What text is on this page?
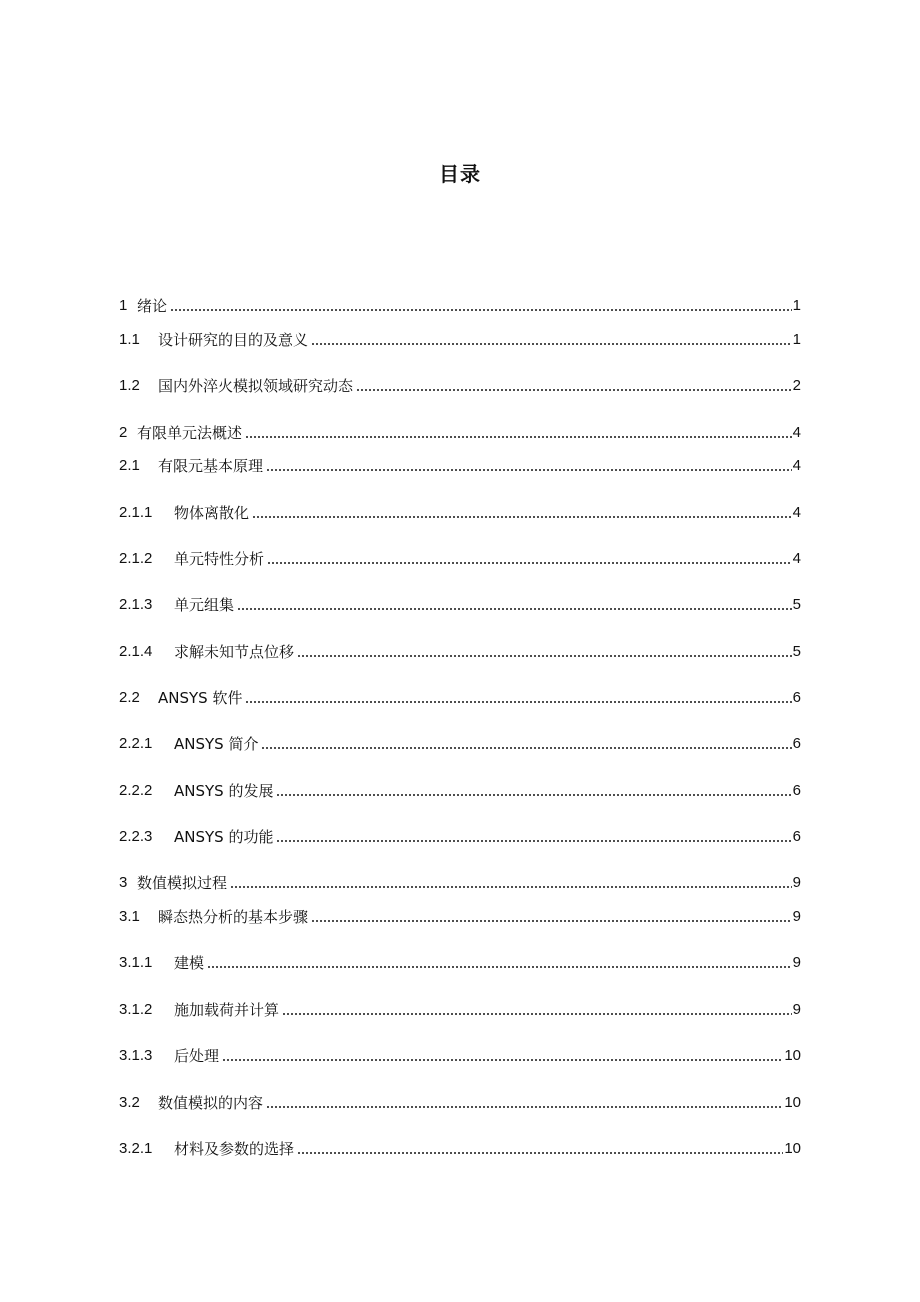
目录
1 绪论	1
1.1	设计研究的目的及意义	1
1.2	国内外淬火模拟领域研究动态	2
2 有限单元法概述	4
2.1	有限元基本原理	4
2.1.1	物体离散化	4
2.1.2	单元特性分析	4
2.1.3	单元组集	5
2.1.4	求解未知节点位移	5
2.2	ANSYS 软件	6
2.2.1	ANSYS 简介	6
2.2.2	ANSYS 的发展	6
2.2.3	ANSYS 的功能	6
3 数值模拟过程	9
3.1	瞬态热分析的基本步骤	9
3.1.1	建模	9
3.1.2	施加载荷并计算	9
3.1.3	后处理	10
3.2	数值模拟的内容	10
3.2.1	材料及参数的选择	10
